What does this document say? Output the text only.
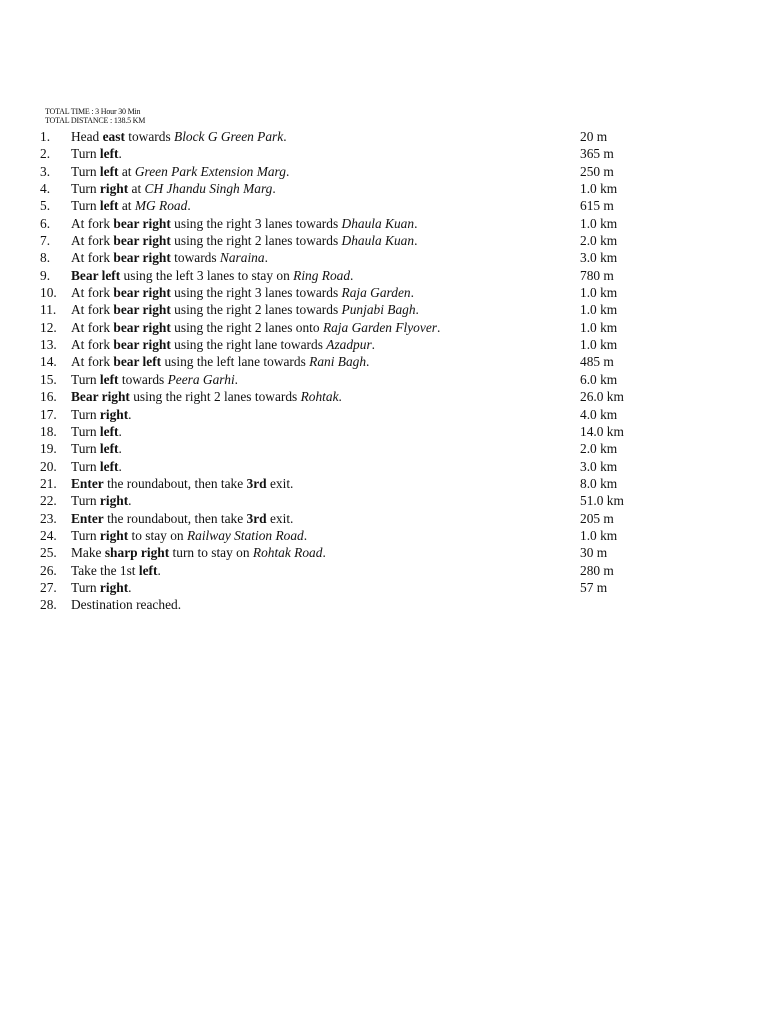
TOTAL TIME : 3 Hour 30 Min
TOTAL DISTANCE : 138.5 KM
1.	Head east towards Block G Green Park.	20 m
2.	Turn left.	365 m
3.	Turn left at Green Park Extension Marg.	250 m
4.	Turn right at CH Jhandu Singh Marg.	1.0 km
5.	Turn left at MG Road.	615 m
6.	At fork bear right using the right 3 lanes towards Dhaula Kuan.	1.0 km
7.	At fork bear right using the right 2 lanes towards Dhaula Kuan.	2.0 km
8.	At fork bear right towards Naraina.	3.0 km
9.	Bear left using the left 3 lanes to stay on Ring Road.	780 m
10.	At fork bear right using the right 3 lanes towards Raja Garden.	1.0 km
11.	At fork bear right using the right 2 lanes towards Punjabi Bagh.	1.0 km
12.	At fork bear right using the right 2 lanes onto Raja Garden Flyover.	1.0 km
13.	At fork bear right using the right lane towards Azadpur.	1.0 km
14.	At fork bear left using the left lane towards Rani Bagh.	485 m
15.	Turn left towards Peera Garhi.	6.0 km
16.	Bear right using the right 2 lanes towards Rohtak.	26.0 km
17.	Turn right.	4.0 km
18.	Turn left.	14.0 km
19.	Turn left.	2.0 km
20.	Turn left.	3.0 km
21.	Enter the roundabout, then take 3rd exit.	8.0 km
22.	Turn right.	51.0 km
23.	Enter the roundabout, then take 3rd exit.	205 m
24.	Turn right to stay on Railway Station Road.	1.0 km
25.	Make sharp right turn to stay on Rohtak Road.	30 m
26.	Take the 1st left.	280 m
27.	Turn right.	57 m
28.	Destination reached.
